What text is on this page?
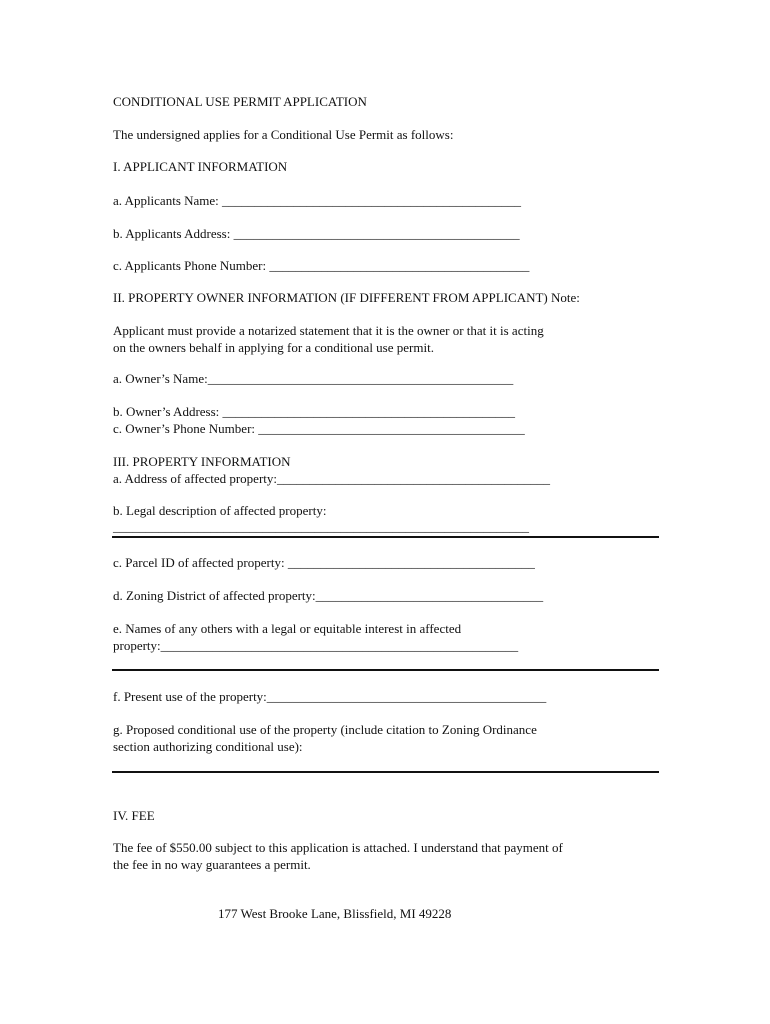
CONDITIONAL USE PERMIT APPLICATION
The undersigned applies for a Conditional Use Permit as follows:
I. APPLICANT INFORMATION
a. Applicants Name: ______________________________________________
b. Applicants Address: ____________________________________________
c. Applicants Phone Number: ________________________________________
II. PROPERTY OWNER INFORMATION (IF DIFFERENT FROM APPLICANT) Note:
Applicant must provide a notarized statement that it is the owner or that it is acting
on the owners behalf in applying for a conditional use permit.
a. Owner’s Name:_______________________________________________
b. Owner’s Address: _____________________________________________
c. Owner’s Phone Number: _________________________________________
III. PROPERTY INFORMATION
a. Address of affected property:__________________________________________
b. Legal description of affected property:
________________________________________________________________
c. Parcel ID of affected property: ______________________________________
d. Zoning District of affected property:___________________________________
e. Names of any others with a legal or equitable interest in affected
property:_______________________________________________________
f. Present use of the property:___________________________________________
g. Proposed conditional use of the property (include citation to Zoning Ordinance
section authorizing conditional use):
IV. FEE
The fee of $550.00 subject to this application is attached. I understand that payment of
the fee in no way guarantees a permit.
177 West Brooke Lane, Blissfield, MI 49228
